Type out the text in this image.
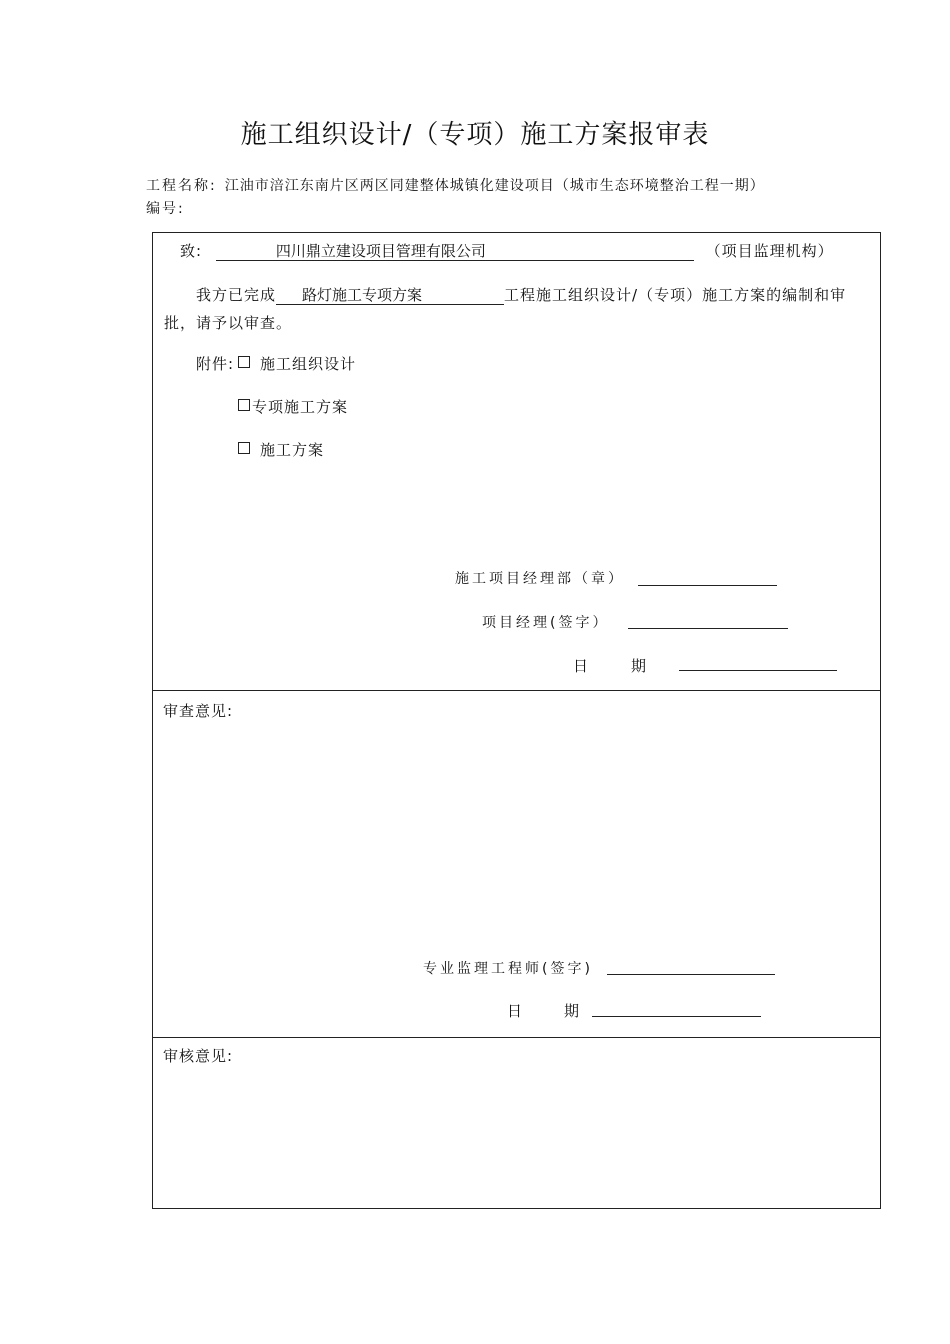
施工组织设计/（专项）施工方案报审表
工程名称: 江油市涪江东南片区两区同建整体城镇化建设项目（城市生态环境整治工程一期）
编号:
致:	四川鼎立建设项目管理有限公司	（项目监理机构）
我方已完成 路灯施工专项方案	工程施工组织设计/（专项）施工方案的编制和审
批，请予以审查。
附件:	施工组织设计
专项施工方案
施工方案
施工项目经理部（章）
项目经理(签字）
日	期
审查意见:
专业监理工程师(签字)
日	期
审核意见:
